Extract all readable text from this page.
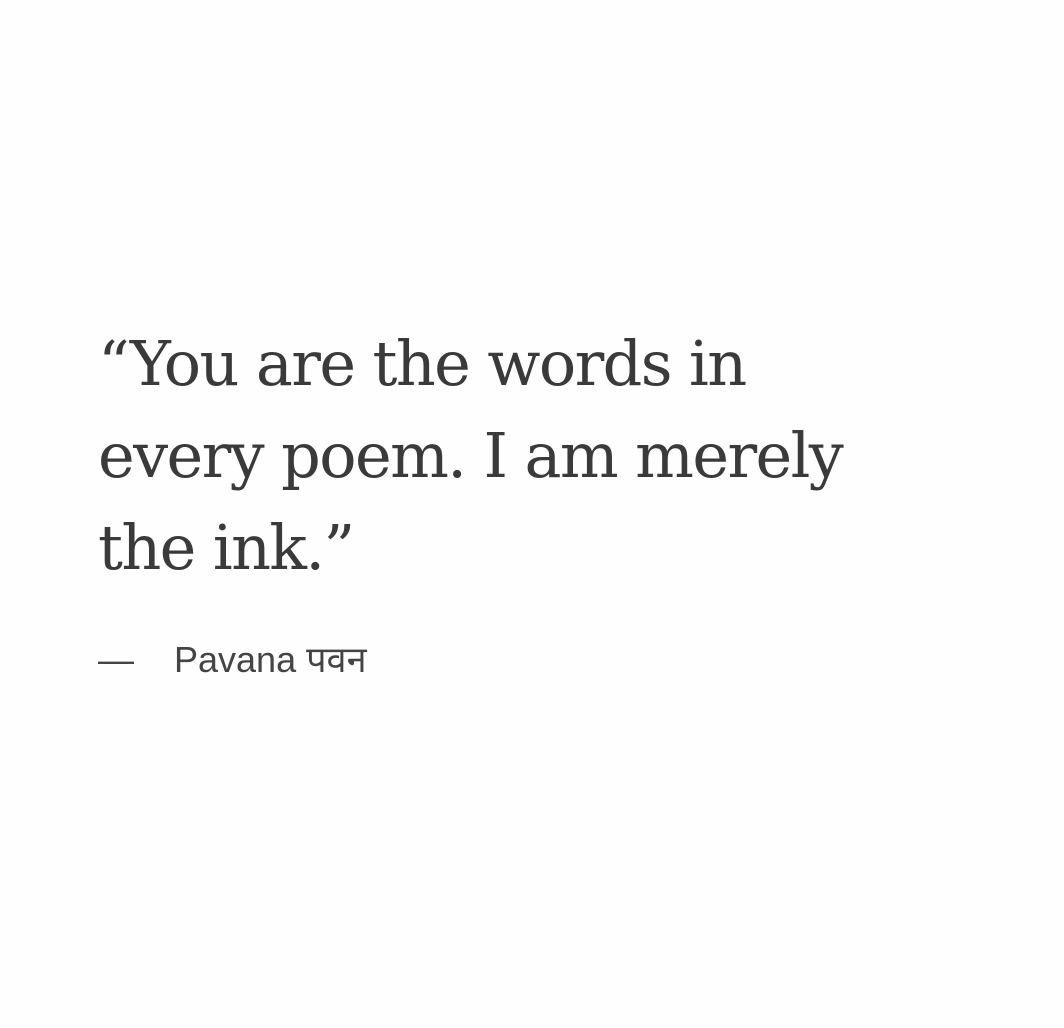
“You are the words in
every poem. I am merely
the ink.”
— Pavana पवन
